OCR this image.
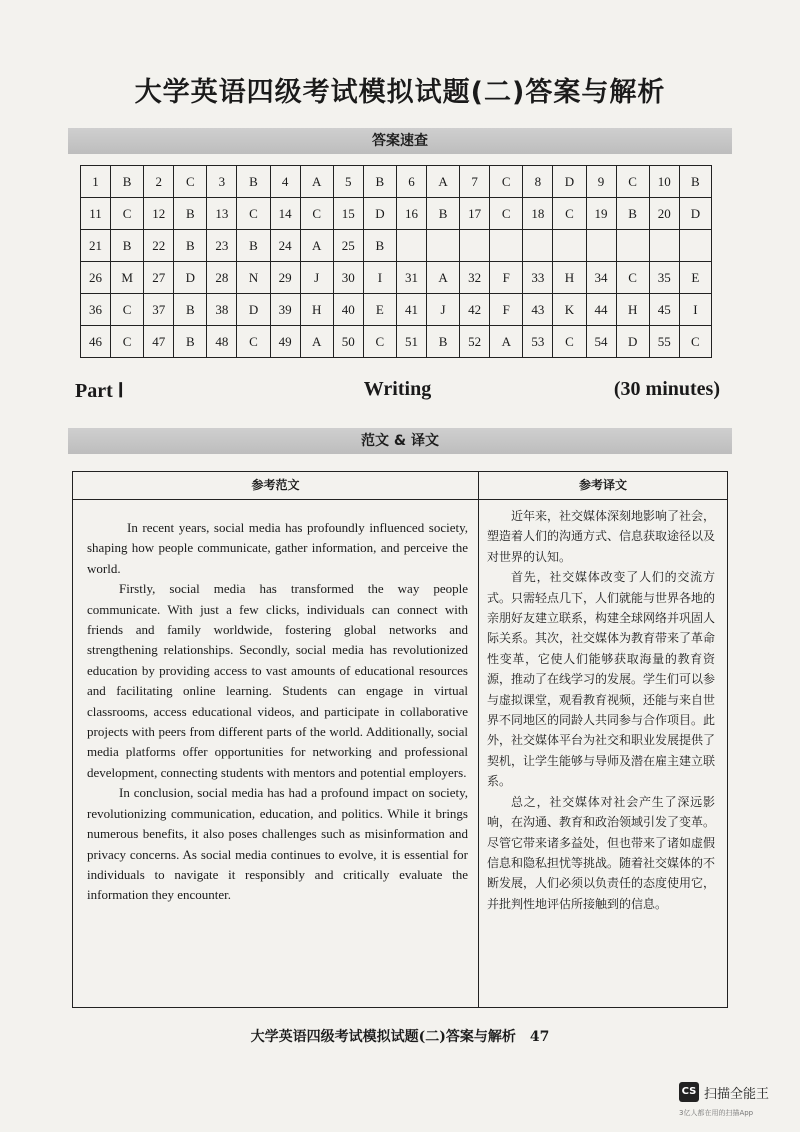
大学英语四级考试模拟试题(二)答案与解析
答案速查
1	B	2	C	3	B	4	A	5	B	6	A	7	C	8	D	9	C	10	B
11	C	12	B	13	C	14	C	15	D	16	B	17	C	18	C	19	B	20	D
21	B	22	B	23	B	24	A	25	B										
26	M	27	D	28	N	29	J	30	I	31	A	32	F	33	H	34	C	35	E
36	C	37	B	38	D	39	H	40	E	41	J	42	F	43	K	44	H	45	I
46	C	47	B	48	C	49	A	50	C	51	B	52	A	53	C	54	D	55	C
Part Ⅰ	Writing	(30 minutes)
范文 & 译文
参考范文

In recent years, social media has profoundly influenced society, shaping how people communicate, gather information, and perceive the world.

Firstly, social media has transformed the way people communicate. With just a few clicks, individuals can connect with friends and family worldwide, fostering global networks and strengthening relationships. Secondly, social media has revolutionized education by providing access to vast amounts of educational resources and facilitating online learning. Students can engage in virtual classrooms, access educational videos, and participate in collaborative projects with peers from different parts of the world. Additionally, social media platforms offer opportunities for networking and professional development, connecting students with mentors and potential employers.

In conclusion, social media has had a profound impact on society, revolutionizing communication, education, and politics. While it brings numerous benefits, it also poses challenges such as misinformation and privacy concerns. As social media continues to evolve, it is essential for individuals to navigate it responsibly and critically evaluate the information they encounter.

参考译文

近年来，社交媒体深刻地影响了社会，塑造着人们的沟通方式、信息获取途径以及对世界的认知。

首先，社交媒体改变了人们的交流方式。只需轻点几下，人们就能与世界各地的亲朋好友建立联系，构建全球网络并巩固人际关系。其次，社交媒体为教育带来了革命性变革，它使人们能够获取海量的教育资源，推动了在线学习的发展。学生们可以参与虚拟课堂，观看教育视频，还能与来自世界不同地区的同龄人共同参与合作项目。此外，社交媒体平台为社交和职业发展提供了契机，让学生能够与导师及潜在雇主建立联系。

总之，社交媒体对社会产生了深远影响，在沟通、教育和政治领域引发了变革。尽管它带来诸多益处，但也带来了诸如虚假信息和隐私担忧等挑战。随着社交媒体的不断发展，人们必须以负责任的态度使用它，并批判性地评估所接触到的信息。

大学英语四级考试模拟试题(二)答案与解析　47
CS 扫描全能王
3亿人都在用的扫描App
